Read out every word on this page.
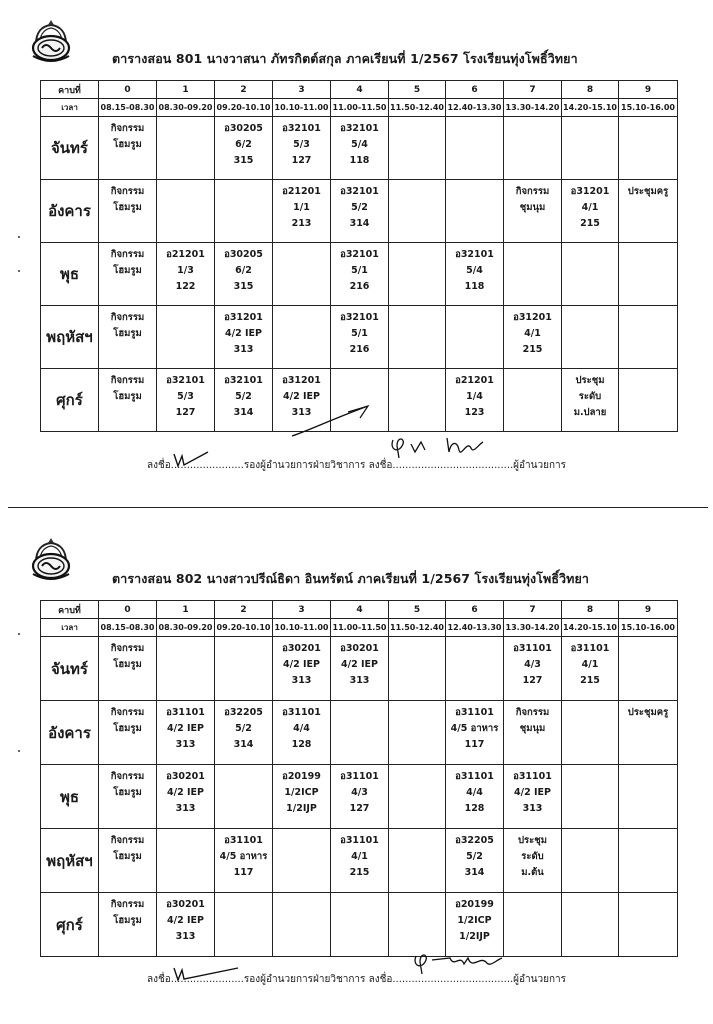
ตารางสอน 801 นางวาสนา ภัทรกิตต์สกุล ภาคเรียนที่ 1/2567 โรงเรียนทุ่งโพธิ์วิทยา
คาบที่	0	1	2	3	4	5	6	7	8	9
เวลา	08.15-08.30	08.30-09.20	09.20-10.10	10.10-11.00	11.00-11.50	11.50-12.40	12.40-13.30	13.30-14.20	14.20-15.10	15.10-16.00
จันทร์	กิจกรรม
โฮมรูม		อ30205
6/2
315	อ32101
5/3
127	อ32101
5/4
118					

อังคาร	กิจกรรม
โฮมรูม			อ21201
1/1
213	อ32101
5/2
314			กิจกรรม
ชุมนุม	อ31201
4/1
215	ประชุมครู

พุธ	กิจกรรม
โฮมรูม	อ21201
1/3
122	อ30205
6/2
315		อ32101
5/1
216		อ32101
5/4
118			

พฤหัสฯ	กิจกรรม
โฮมรูม		อ31201
4/2 IEP
313		อ32101
5/1
216			อ31201
4/1
215		

ศุกร์	กิจกรรม
โฮมรูม	อ32101
5/3
127	อ32101
5/2
314	อ31201
4/2 IEP
313			อ21201
1/4
123		ประชุม
ระดับ
ม.ปลาย	

ลงชื่อ.......................รองผู้อำนวยการฝ่ายวิชาการ ลงชื่อ......................................ผู้อำนวยการ
ตารางสอน 802 นางสาวปรีณ์ธิดา อินทรัตน์ ภาคเรียนที่ 1/2567 โรงเรียนทุ่งโพธิ์วิทยา
คาบที่	0	1	2	3	4	5	6	7	8	9
เวลา	08.15-08.30	08.30-09.20	09.20-10.10	10.10-11.00	11.00-11.50	11.50-12.40	12.40-13.30	13.30-14.20	14.20-15.10	15.10-16.00
จันทร์	กิจกรรม
โฮมรูม			อ30201
4/2 IEP
313	อ30201
4/2 IEP
313			อ31101
4/3
127	อ31101
4/1
215	

อังคาร	กิจกรรม
โฮมรูม	อ31101
4/2 IEP
313	อ32205
5/2
314	อ31101
4/4
128			อ31101
4/5 อาหาร
117	กิจกรรม
ชุมนุม		ประชุมครู

พุธ	กิจกรรม
โฮมรูม	อ30201
4/2 IEP
313		อ20199
1/2ICP
1/2IJP	อ31101
4/3
127		อ31101
4/4
128	อ31101
4/2 IEP
313		

พฤหัสฯ	กิจกรรม
โฮมรูม		อ31101
4/5 อาหาร
117		อ31101
4/1
215		อ32205
5/2
314	ประชุม
ระดับ
ม.ต้น		

ศุกร์	กิจกรรม
โฮมรูม	อ30201
4/2 IEP
313					อ20199
1/2ICP
1/2IJP			

ลงชื่อ.......................รองผู้อำนวยการฝ่ายวิชาการ ลงชื่อ......................................ผู้อำนวยการ
